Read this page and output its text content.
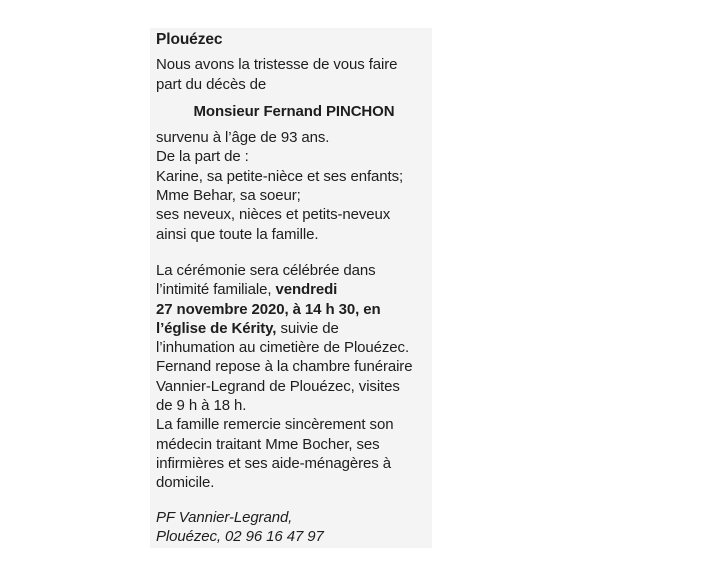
Plouézec
Nous avons la tristesse de vous faire
part du décès de
Monsieur Fernand PINCHON
survenu à l’âge de 93 ans.
De la part de :
Karine, sa petite-nièce et ses enfants;
Mme Behar, sa soeur;
ses neveux, nièces et petits-neveux
ainsi que toute la famille.
La cérémonie sera célébrée dans
l’intimité familiale, vendredi
27 novembre 2020, à 14 h 30, en
l’église de Kérity, suivie de
l’inhumation au cimetière de Plouézec.
Fernand repose à la chambre funéraire
Vannier-Legrand de Plouézec, visites
de 9 h à 18 h.
La famille remercie sincèrement son
médecin traitant Mme Bocher, ses
infirmières et ses aide-ménagères à
domicile.
PF Vannier-Legrand,
Plouézec, 02 96 16 47 97
